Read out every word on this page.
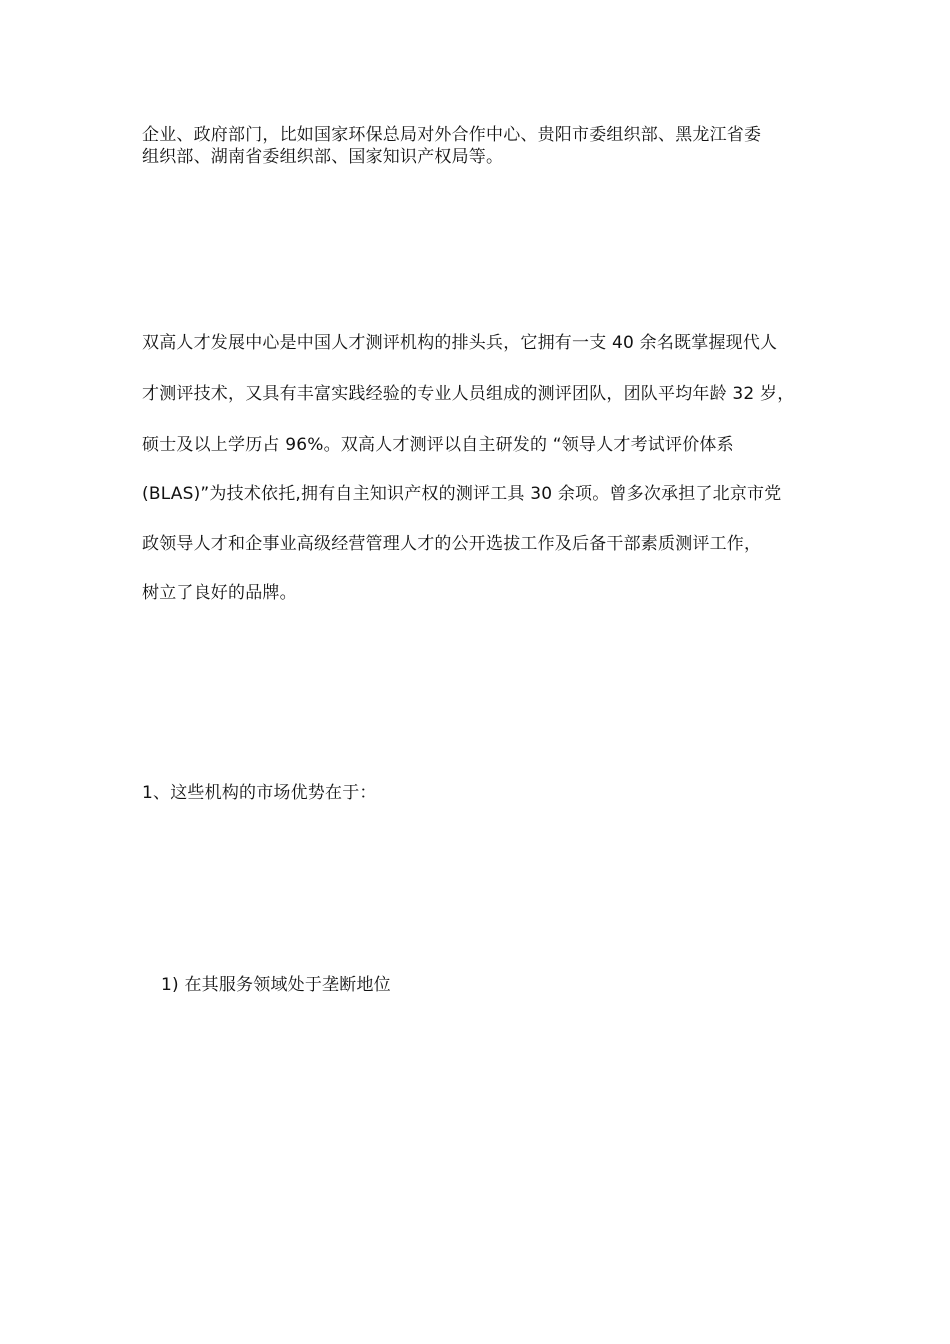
企业、政府部门，比如国家环保总局对外合作中心、贵阳市委组织部、黑龙江省委
组织部、湖南省委组织部、国家知识产权局等。
双高人才发展中心是中国人才测评机构的排头兵，它拥有一支 40 余名既掌握现代人
才测评技术，又具有丰富实践经验的专业人员组成的测评团队，团队平均年龄 32 岁，
硕士及以上学历占 96%。双高人才测评以自主研发的 “领导人才考试评价体系
(BLAS)”为技术依托,拥有自主知识产权的测评工具 30 余项。曾多次承担了北京市党
政领导人才和企事业高级经营管理人才的公开选拔工作及后备干部素质测评工作，
树立了良好的品牌。
1、这些机构的市场优势在于：
1) 在其服务领域处于垄断地位
